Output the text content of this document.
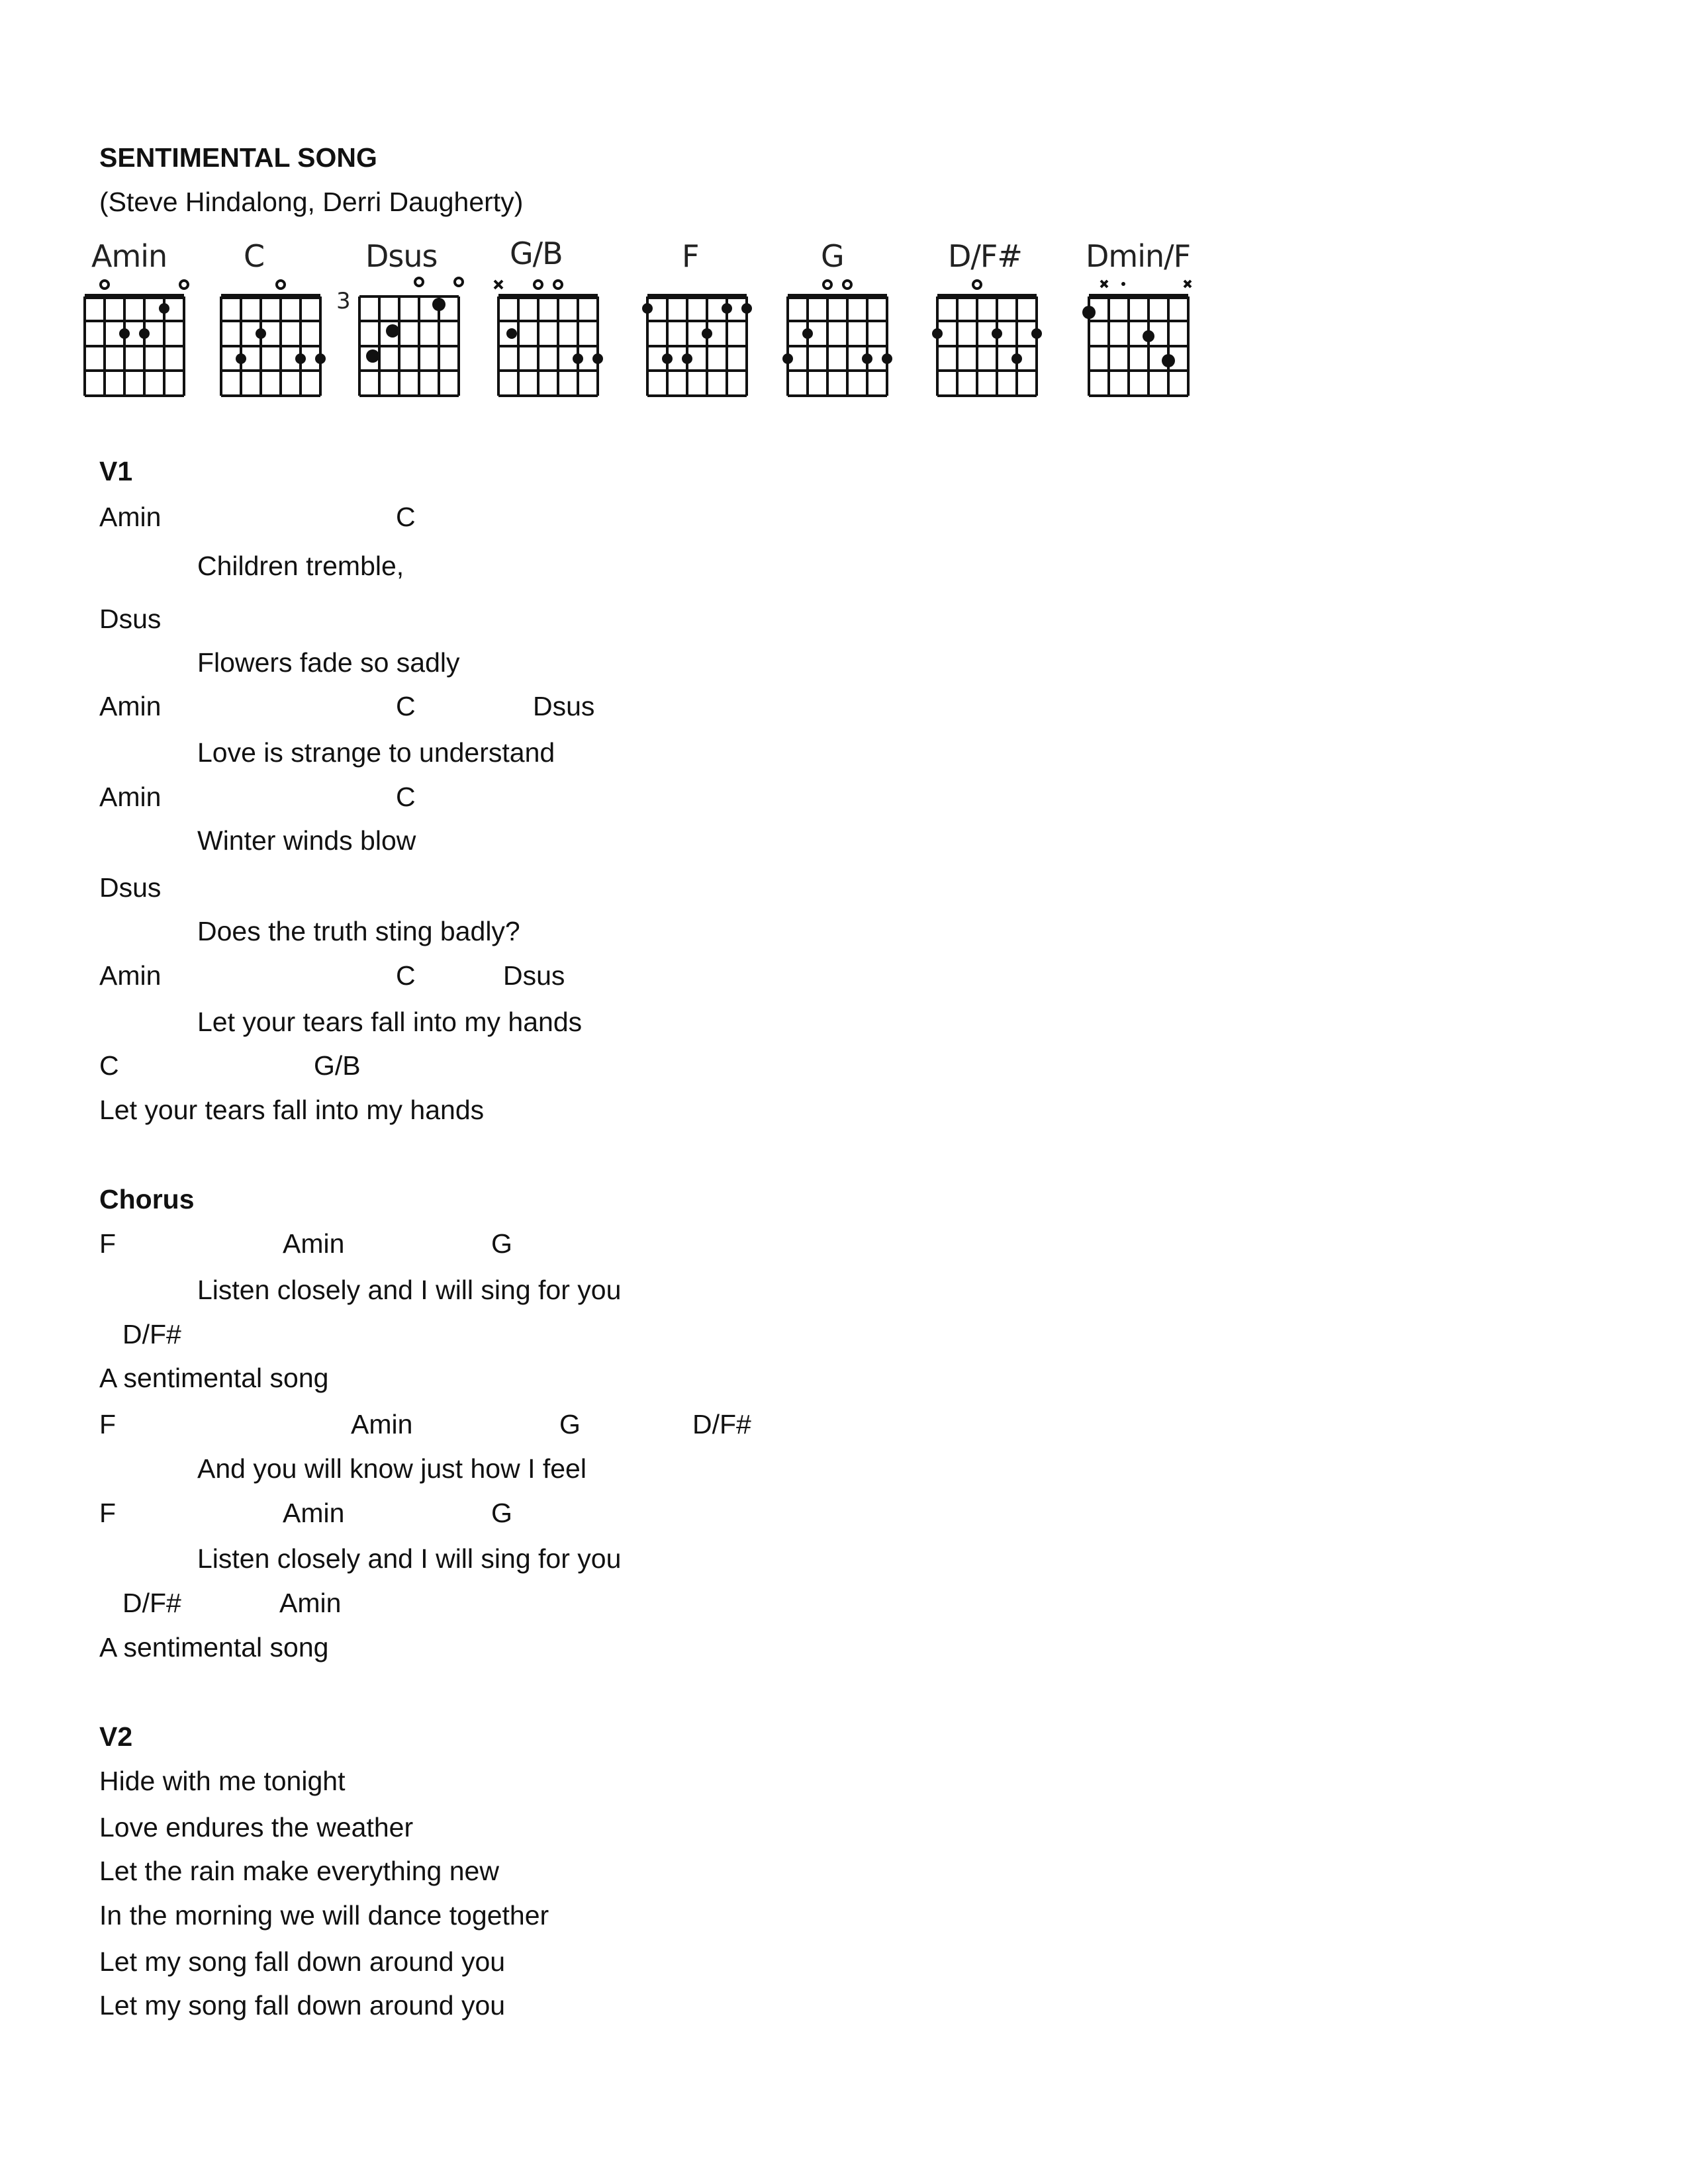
SENTIMENTAL SONG
(Steve Hindalong, Derri Daugherty)
Amin	C	Dsus
3
G/B	F	G	D/F# Dmin/F
V1
Amin	C
Children tremble,
Dsus
Flowers fade so sadly
Amin	C	Dsus
Love is strange to understand
Amin	C
Winter winds blow
Dsus
Does the truth sting badly?
Amin	C	Dsus
Let your tears fall into my hands
C	G/B
Let your tears fall into my hands
Chorus
F	Amin	G
Listen closely and I will sing for you
D/F#
A sentimental song
F	Amin	G	D/F#
And you will know just how I feel
F	Amin	G
Listen closely and I will sing for you
D/F#	Amin
A sentimental song
V2
Hide with me tonight
Love endures the weather
Let the rain make everything new
In the morning we will dance together
Let my song fall down around you
Let my song fall down around you
